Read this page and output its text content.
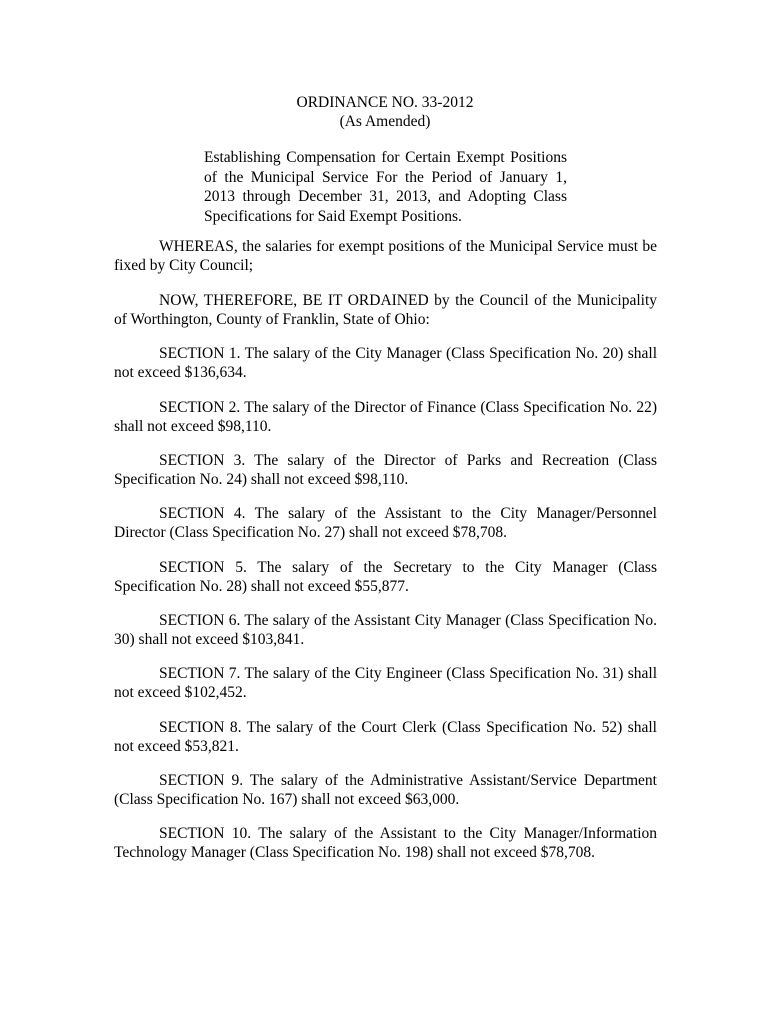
ORDINANCE NO. 33-2012
(As Amended)
Establishing Compensation for Certain Exempt Positions of the Municipal Service For the Period of January 1, 2013 through December 31, 2013, and Adopting Class Specifications for Said Exempt Positions.

WHEREAS, the salaries for exempt positions of the Municipal Service must be fixed by City Council;

NOW, THEREFORE, BE IT ORDAINED by the Council of the Municipality of Worthington, County of Franklin, State of Ohio:

SECTION 1. The salary of the City Manager (Class Specification No. 20) shall not exceed $136,634.

SECTION 2. The salary of the Director of Finance (Class Specification No. 22) shall not exceed $98,110.

SECTION 3. The salary of the Director of Parks and Recreation (Class Specification No. 24) shall not exceed $98,110.

SECTION 4. The salary of the Assistant to the City Manager/Personnel Director (Class Specification No. 27) shall not exceed $78,708.

SECTION 5. The salary of the Secretary to the City Manager (Class Specification No. 28) shall not exceed $55,877.

SECTION 6. The salary of the Assistant City Manager (Class Specification No. 30) shall not exceed $103,841.

SECTION 7. The salary of the City Engineer (Class Specification No. 31) shall not exceed $102,452.

SECTION 8. The salary of the Court Clerk (Class Specification No. 52) shall not exceed $53,821.

SECTION 9. The salary of the Administrative Assistant/Service Department (Class Specification No. 167) shall not exceed $63,000.

SECTION 10. The salary of the Assistant to the City Manager/Information Technology Manager (Class Specification No. 198) shall not exceed $78,708.
